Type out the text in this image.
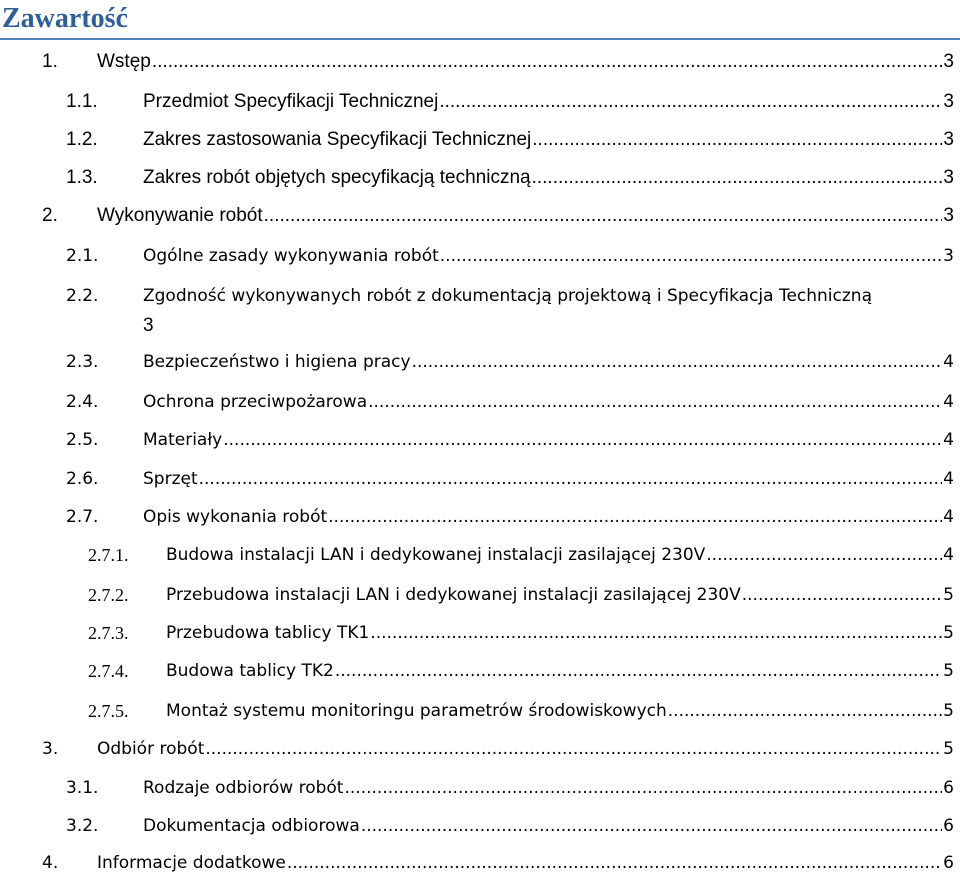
Zawartość
1. Wstęp .....	3
1.1. Przedmiot Specyfikacji Technicznej .....	3
1.2. Zakres zastosowania Specyfikacji Technicznej .....	3
1.3. Zakres robót objętych specyfikacją techniczną .....	3
2. Wykonywanie robót .....	3
2.1.	Ogólne zasady wykonywania robót .....	3
2.2.	Zgodność wykonywanych robót z dokumentacją projektową i Specyfikacja Techniczną
3
2.3.	Bezpieczeństwo i higiena pracy .....	4
2.4.	Ochrona przeciwpożarowa .....	4
2.5.	Materiały .....	4
2.6.	Sprzęt .....	4
2.7.	Opis wykonania robót .....	4
2.7.1. Budowa instalacji LAN i dedykowanej instalacji zasilającej 230V .....	4
2.7.2. Przebudowa instalacji LAN i dedykowanej instalacji zasilającej 230V .....	5
2.7.3. Przebudowa tablicy TK1 .....	5
2.7.4. Budowa tablicy TK2 .....	5
2.7.5. Montaż systemu monitoringu parametrów środowiskowych .....	5
3. Odbiór robót .....	5
3.1.	Rodzaje odbiorów robót .....	6
3.2.	Dokumentacja odbiorowa .....	6
4. Informacje dodatkowe .....	6
